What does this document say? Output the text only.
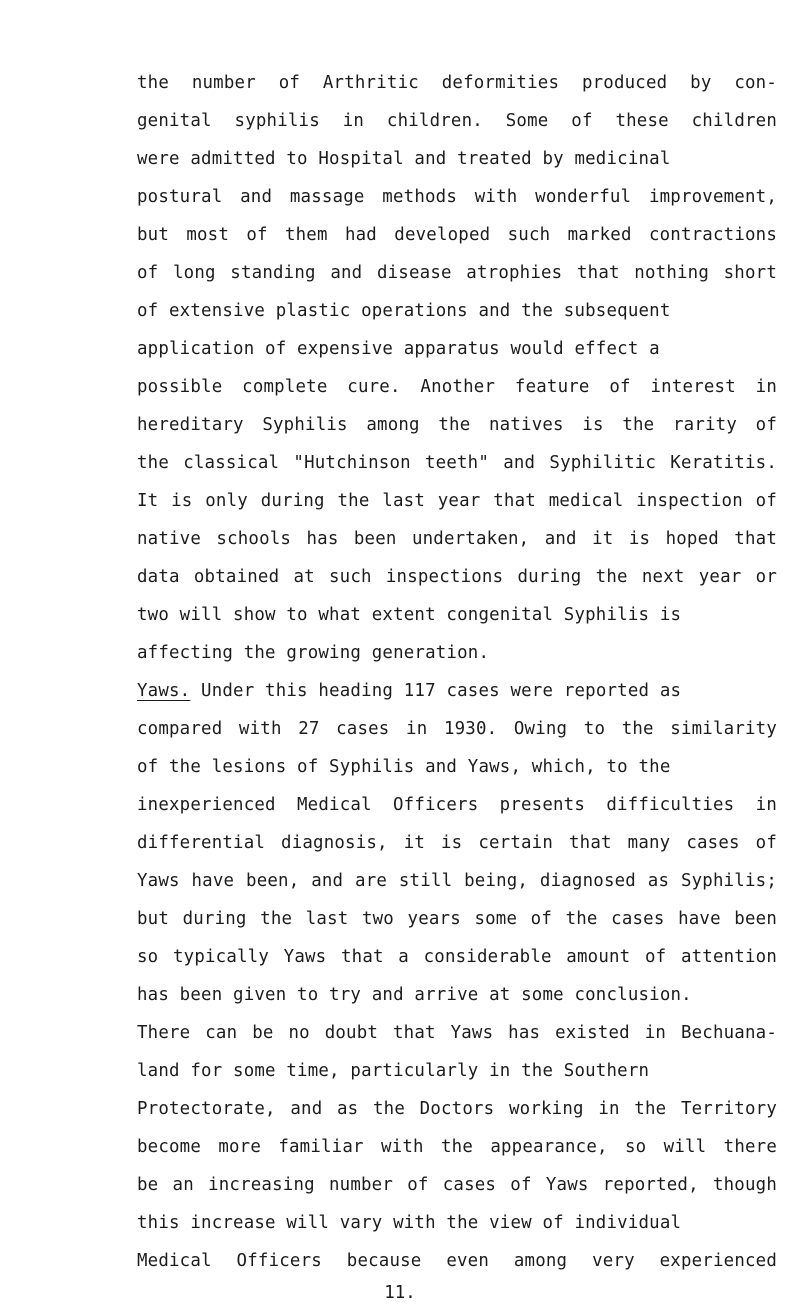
the number of Arthritic deformities produced by con-
genital syphilis in children. Some of these children
were admitted to Hospital and treated by medicinal
postural and massage methods with wonderful improvement,
but most of them had developed such marked contractions
of long standing and disease atrophies that nothing short
of extensive plastic operations and the subsequent
application of expensive apparatus would effect a
possible complete cure. Another feature of interest in
hereditary Syphilis among the natives is the rarity of
the classical "Hutchinson teeth" and Syphilitic Keratitis.
It is only during the last year that medical inspection of
native schools has been undertaken, and it is hoped that
data obtained at such inspections during the next year or
two will show to what extent congenital Syphilis is
affecting the growing generation.
Yaws. Under this heading 117 cases were reported as
compared with 27 cases in 1930. Owing to the similarity
of the lesions of Syphilis and Yaws, which, to the
inexperienced Medical Officers presents difficulties in
differential diagnosis, it is certain that many cases of
Yaws have been, and are still being, diagnosed as Syphilis;
but during the last two years some of the cases have been
so typically Yaws that a considerable amount of attention
has been given to try and arrive at some conclusion.
There can be no doubt that Yaws has existed in Bechuana-
land for some time, particularly in the Southern
Protectorate, and as the Doctors working in the Territory
become more familiar with the appearance, so will there
be an increasing number of cases of Yaws reported, though
this increase will vary with the view of individual
Medical Officers because even among very experienced
11.
